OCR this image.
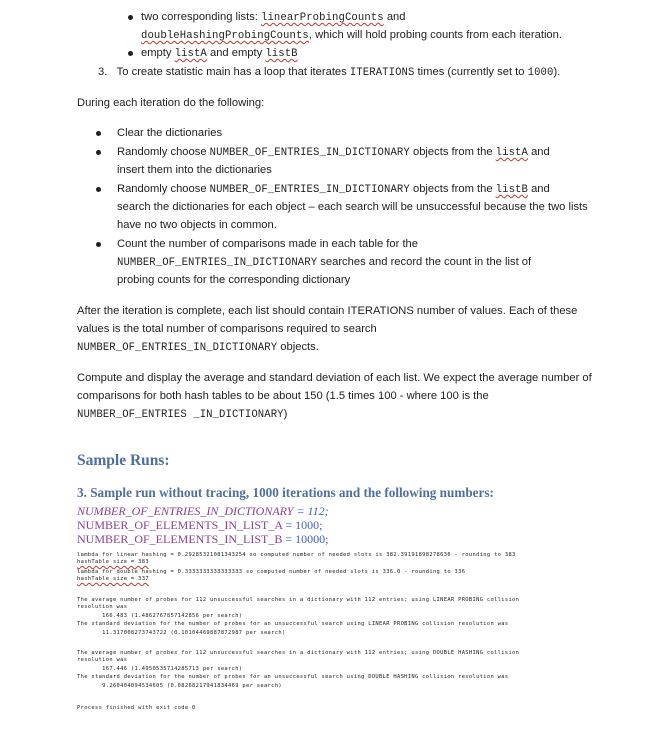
two corresponding lists: linearProbingCounts and
doubleHashingProbingCounts, which will hold probing counts from each iteration.
empty listA and empty listB
3. To create statistic main has a loop that iterates ITERATIONS times (currently set to 1000).
During each iteration do the following:
Clear the dictionaries
Randomly choose NUMBER_OF_ENTRIES_IN_DICTIONARY objects from the listA and
insert them into the dictionaries
Randomly choose NUMBER_OF_ENTRIES_IN_DICTIONARY objects from the listB and
search the dictionaries for each object – each search will be unsuccessful because the two lists
have no two objects in common.
Count the number of comparisons made in each table for the
NUMBER_OF_ENTRIES_IN_DICTIONARY searches and record the count in the list of
probing counts for the corresponding dictionary
After the iteration is complete, each list should contain ITERATIONS number of values. Each of these
values is the total number of comparisons required to search
NUMBER_OF_ENTRIES_IN_DICTIONARY objects.
Compute and display the average and standard deviation of each list. We expect the average number of
comparisons for both hash tables to be about 150 (1.5 times 100 - where 100 is the
NUMBER_OF_ENTRIES _IN_DICTIONARY)
Sample Runs:
3. Sample run without tracing, 1000 iterations and the following numbers:
NUMBER_OF_ENTRIES_IN_DICTIONARY = 112;
NUMBER_OF_ELEMENTS_IN_LIST_A = 1000;
NUMBER_OF_ELEMENTS_IN_LIST_B = 10000;
lambda for linear hashing = 0.29285321081343254 so computed number of needed slots is 382.39191898278636 - rounding to 383
hashTable size = 383
lambda for double hashing = 0.3333333333333333 so computed number of needed slots is 336.0 - rounding to 336
hashTable size = 337
The average number of probes for 112 unsuccessful searches in a dictionary with 112 entries; using LINEAR PROBING collision
resolution was
166.483 (1.4862767857142856 per search)
The standard deviation for the number of probes for an unsuccessful search using LINEAR PROBING collision resolution was
11.317008273743722 (0.10104469887872987 per search)
The average number of probes for 112 unsuccessful searches in a dictionary with 112 entries; using DOUBLE HASHING collision
resolution was
167.446 (1.4950535714285713 per search)
The standard deviation for the number of probes for an unsuccessful search using DOUBLE HASHING collision resolution was
9.260404094534605 (0.08268217941834469 per search)
Process finished with exit code 0
